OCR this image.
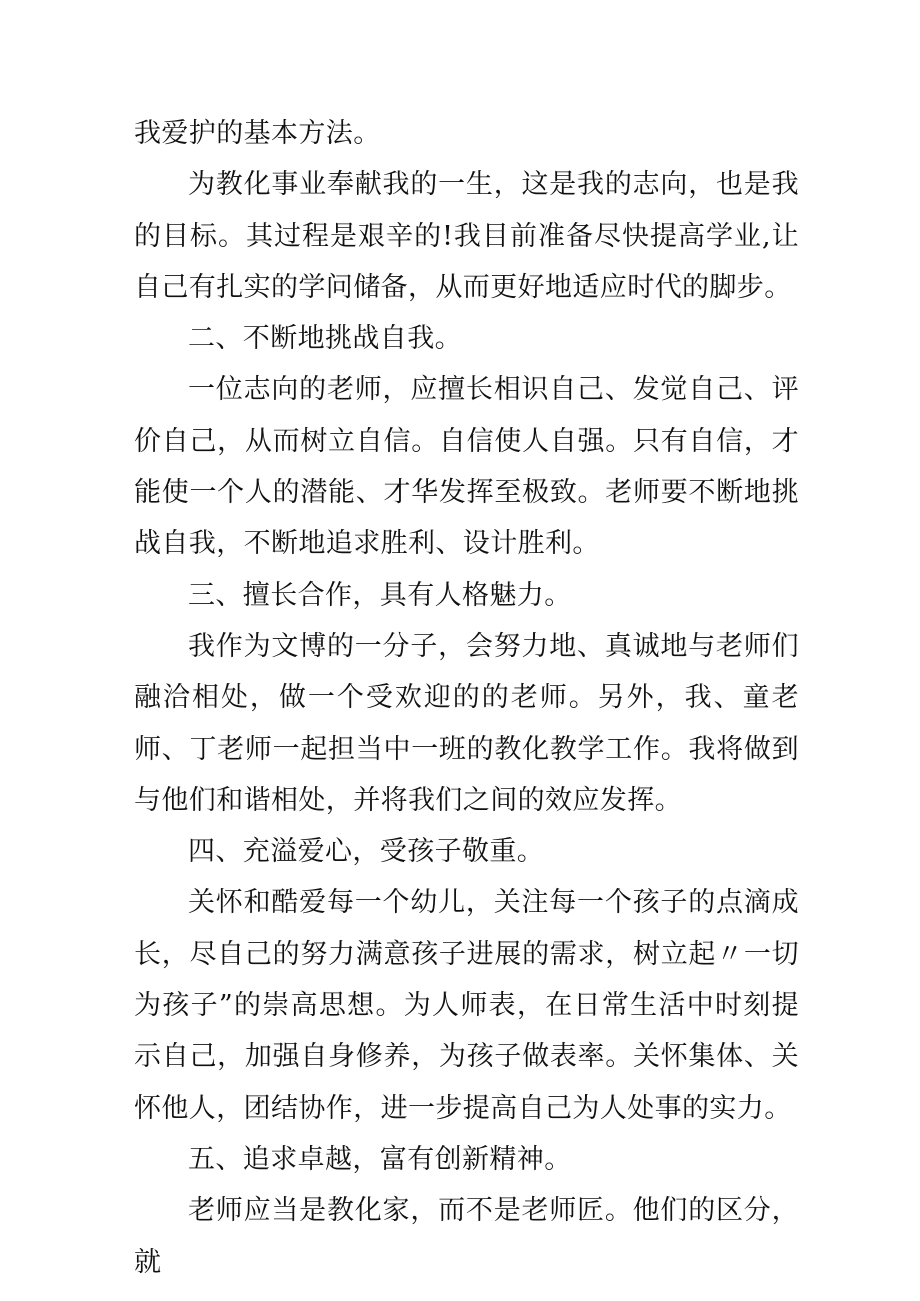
我爱护的基本方法。

为教化事业奉献我的一生，这是我的志向，也是我的目标。其过程是艰辛的!我目前准备尽快提高学业,让自己有扎实的学问储备，从而更好地适应时代的脚步。

二、不断地挑战自我。

一位志向的老师，应擅长相识自己、发觉自己、评价自己，从而树立自信。自信使人自强。只有自信，才能使一个人的潜能、才华发挥至极致。老师要不断地挑战自我，不断地追求胜利、设计胜利。

三、擅长合作，具有人格魅力。

我作为文博的一分子，会努力地、真诚地与老师们融洽相处，做一个受欢迎的的老师。另外，我、童老师、丁老师一起担当中一班的教化教学工作。我将做到与他们和谐相处，并将我们之间的效应发挥。

四、充溢爱心，受孩子敬重。

关怀和酷爱每一个幼儿，关注每一个孩子的点滴成长，尽自己的努力满意孩子进展的需求，树立起〃一切为孩子”的崇高思想。为人师表，在日常生活中时刻提示自己，加强自身修养，为孩子做表率。关怀集体、关怀他人，团结协作，进一步提高自己为人处事的实力。

五、追求卓越，富有创新精神。

老师应当是教化家，而不是老师匠。他们的区分，就
